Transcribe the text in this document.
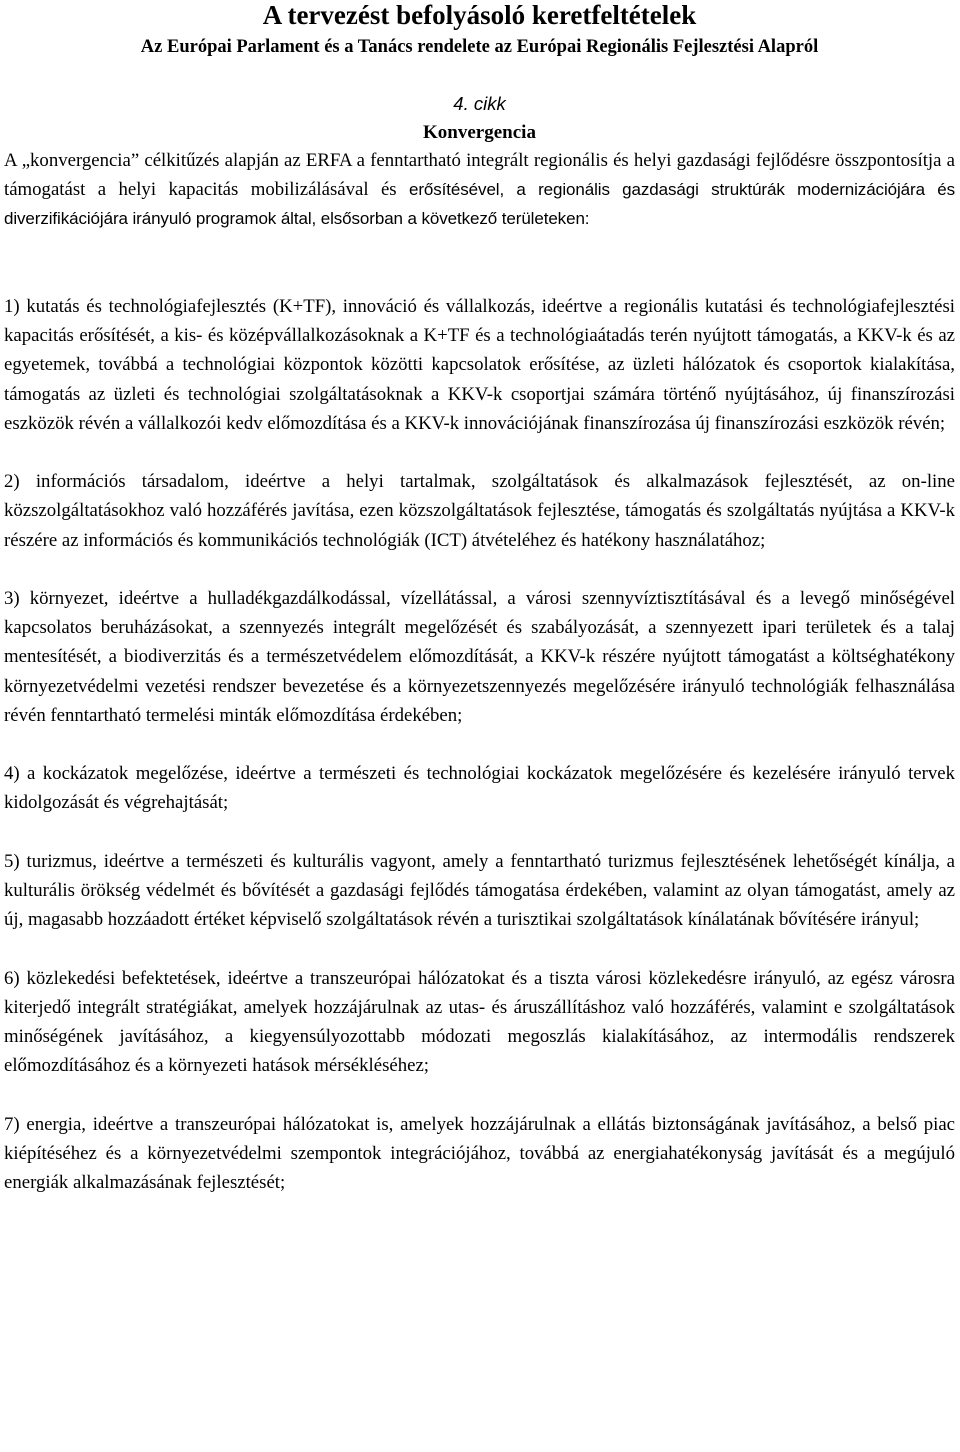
A tervezést befolyásoló keretfeltételek
Az Európai Parlament és a Tanács rendelete az Európai Regionális Fejlesztési Alapról
4. cikk
Konvergencia
A „konvergencia” célkitűzés alapján az ERFA a fenntartható integrált regionális és helyi gazdasági fejlődésre összpontosítja a támogatást a helyi kapacitás mobilizálásával és erősítésével, a regionális gazdasági struktúrák modernizációjára és diverzifikációjára irányuló programok által, elsősorban a következő területeken:

1) kutatás és technológiafejlesztés (K+TF), innováció és vállalkozás, ideértve a regionális kutatási és technológiafejlesztési kapacitás erősítését, a kis- és középvállalkozásoknak a K+TF és a technológiaátadás terén nyújtott támogatás, a KKV-k és az egyetemek, továbbá a technológiai központok közötti kapcsolatok erősítése, az üzleti hálózatok és csoportok kialakítása, támogatás az üzleti és technológiai szolgáltatásoknak a KKV-k csoportjai számára történő nyújtásához, új finanszírozási eszközök révén a vállalkozói kedv előmozdítása és a KKV-k innovációjának finanszírozása új finanszírozási eszközök révén;

2) információs társadalom, ideértve a helyi tartalmak, szolgáltatások és alkalmazások fejlesztését, az on-line közszolgáltatásokhoz való hozzáférés javítása, ezen közszolgáltatások fejlesztése, támogatás és szolgáltatás nyújtása a KKV-k részére az információs és kommunikációs technológiák (ICT) átvételéhez és hatékony használatához;

3) környezet, ideértve a hulladékgazdálkodással, vízellátással, a városi szennyvíztisztításával és a levegő minőségével kapcsolatos beruházásokat, a szennyezés integrált megelőzését és szabályozását, a szennyezett ipari területek és a talaj mentesítését, a biodiverzitás és a természetvédelem előmozdítását, a KKV-k részére nyújtott támogatást a költséghatékony környezetvédelmi vezetési rendszer bevezetése és a környezetszennyezés megelőzésére irányuló technológiák felhasználása révén fenntartható termelési minták előmozdítása érdekében;

4) a kockázatok megelőzése, ideértve a természeti és technológiai kockázatok megelőzésére és kezelésére irányuló tervek kidolgozását és végrehajtását;

5) turizmus, ideértve a természeti és kulturális vagyont, amely a fenntartható turizmus fejlesztésének lehetőségét kínálja, a kulturális örökség védelmét és bővítését a gazdasági fejlődés támogatása érdekében, valamint az olyan támogatást, amely az új, magasabb hozzáadott értéket képviselő szolgáltatások révén a turisztikai szolgáltatások kínálatának bővítésére irányul;

6) közlekedési befektetések, ideértve a transzeurópai hálózatokat és a tiszta városi közlekedésre irányuló, az egész városra kiterjedő integrált stratégiákat, amelyek hozzájárulnak az utas- és áruszállításhoz való hozzáférés, valamint e szolgáltatások minőségének javításához, a kiegyensúlyozottabb módozati megoszlás kialakításához, az intermodális rendszerek előmozdításához és a környezeti hatások mérsékléséhez;

7) energia, ideértve a transzeurópai hálózatokat is, amelyek hozzájárulnak a ellátás biztonságának javításához, a belső piac kiépítéséhez és a környezetvédelmi szempontok integrációjához, továbbá az energiahatékonyság javítását és a megújuló energiák alkalmazásának fejlesztését;
